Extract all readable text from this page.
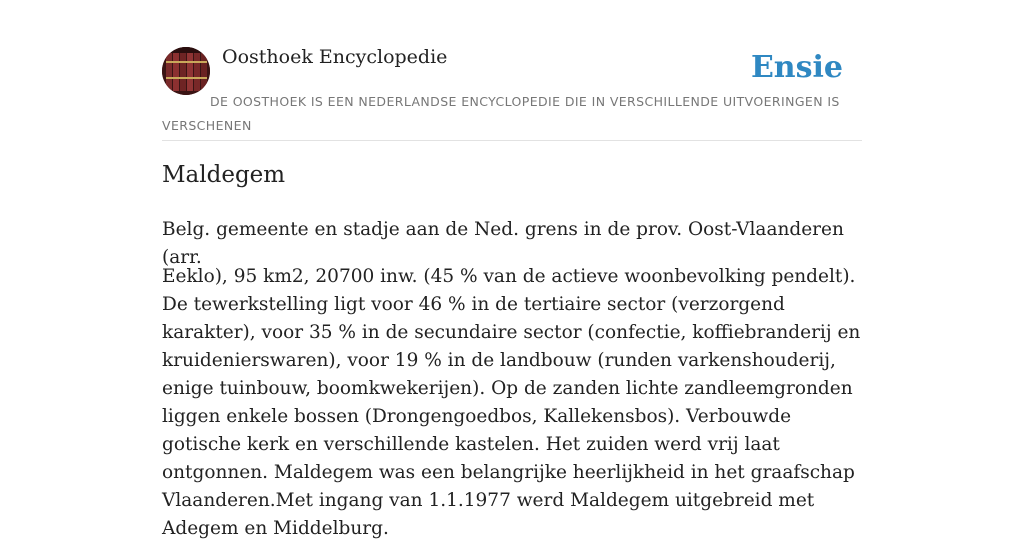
Oosthoek Encyclopedie	Ensie
DE OOSTHOEK IS EEN NEDERLANDSE ENCYCLOPEDIE DIE IN VERSCHILLENDE UITVOERINGEN IS VERSCHENEN
Maldegem

Belg. gemeente en stadje aan de Ned. grens in de prov. Oost-Vlaanderen (arr.

Eeklo), 95 km2, 20700 inw. (45 % van de actieve woonbevolking pendelt). De tewerkstelling ligt voor 46 % in de tertiaire sector (verzorgend karakter), voor 35 % in de secundaire sector (confectie, koffiebranderij en kruidenierswaren), voor 19 % in de landbouw (runden varkenshouderij, enige tuinbouw, boomkwekerijen). Op de zanden lichte zandleemgronden liggen enkele bossen (Drongengoedbos, Kallekensbos). Verbouwde gotische kerk en verschillende kastelen. Het zuiden werd vrij laat ontgonnen. Maldegem was een belangrijke heerlijkheid in het graafschap Vlaanderen.Met ingang van 1.1.1977 werd Maldegem uitgebreid met Adegem en Middelburg.
